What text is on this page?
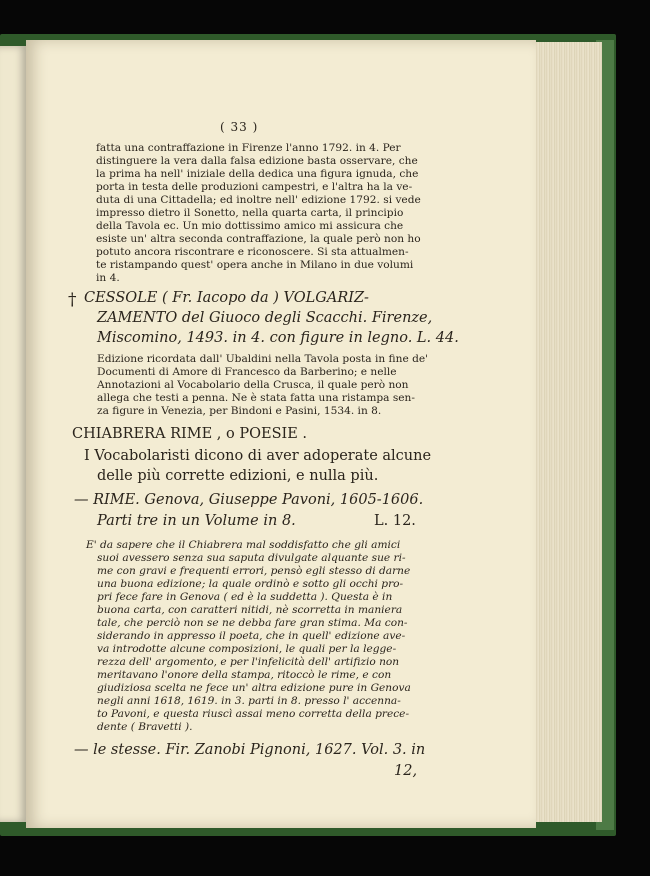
( 33 )
fatta una contraffazione in Firenze l'anno 1792. in 4. Per
distinguere la vera dalla falsa edizione basta osservare, che
la prima ha nell' iniziale della dedica una figura ignuda, che
porta in testa delle produzioni campestri, e l'altra ha la ve-
duta di una Cittadella; ed inoltre nell' edizione 1792. si vede
impresso dietro il Sonetto, nella quarta carta, il principio
della Tavola ec. Un mio dottissimo amico mi assicura che
esiste un' altra seconda contraffazione, la quale però non ho
potuto ancora riscontrare e riconoscere. Si sta attualmen-
te ristampando quest' opera anche in Milano in due volumi
in 4.
† CESSOLE ( Fr. Iacopo da ) VOLGARIZ-
ZAMENTO del Giuoco degli Scacchi. Firenze,
Miscomino, 1493. in 4. con figure in legno. L. 44.
Edizione ricordata dall' Ubaldini nella Tavola posta in fine de'
Documenti di Amore di Francesco da Barberino; e nelle
Annotazioni al Vocabolario della Crusca, il quale però non
allega che testi a penna. Ne è stata fatta una ristampa sen-
za figure in Venezia, per Bindoni e Pasini, 1534. in 8.
CHIABRERA RIME , o POESIE .
I Vocabolaristi dicono di aver adoperate alcune
delle più corrette edizioni, e nulla più.
— RIME. Genova, Giuseppe Pavoni, 1605-1606.
Parti tre in un Volume in 8.	L. 12.
E' da sapere che il Chiabrera mal soddisfatto che gli amici
suoi avessero senza sua saputa divulgate alquante sue ri-
me con gravi e frequenti errori, pensò egli stesso di darne
una buona edizione; la quale ordinò e sotto gli occhi pro-
pri fece fare in Genova ( ed è la suddetta ). Questa è in
buona carta, con caratteri nitidi, nè scorretta in maniera
tale, che perciò non se ne debba fare gran stima. Ma con-
siderando in appresso il poeta, che in quell' edizione ave-
va introdotte alcune composizioni, le quali per la legge-
rezza dell' argomento, e per l'infelicità dell' artifizio non
meritavano l'onore della stampa, ritoccò le rime, e con
giudiziosa scelta ne fece un' altra edizione pure in Genova
negli anni 1618, 1619. in 3. parti in 8. presso l' accenna-
to Pavoni, e questa riuscì assai meno corretta della prece-
dente ( Bravetti ).
— le stesse. Fir. Zanobi Pignoni, 1627. Vol. 3. in
12,
